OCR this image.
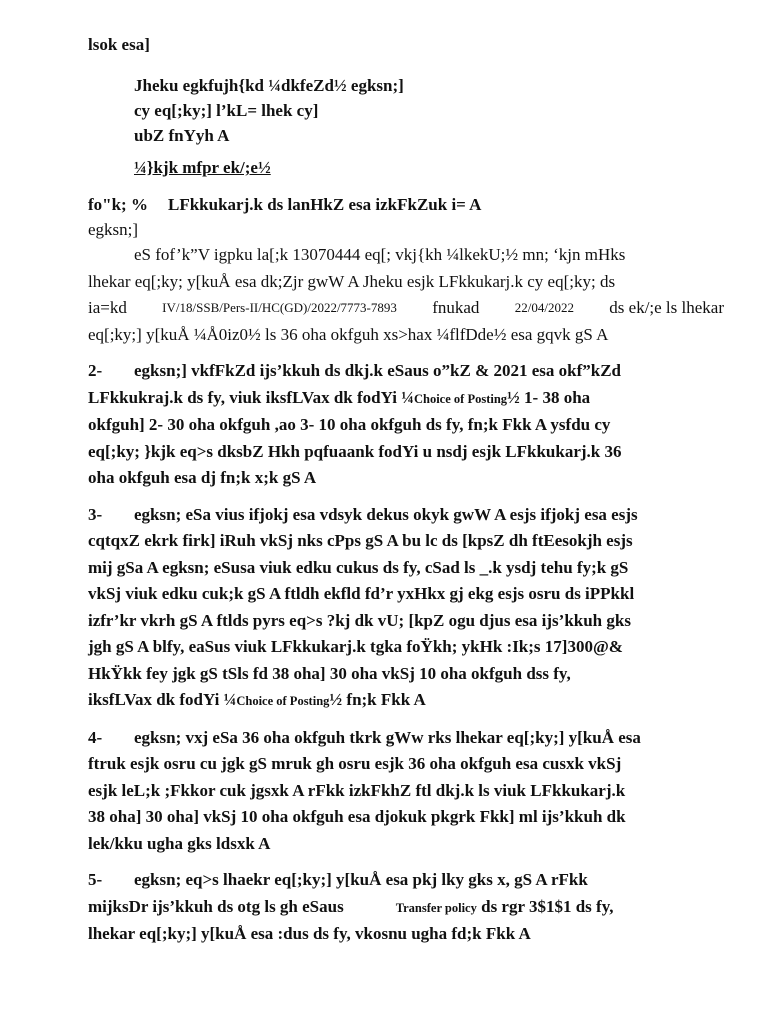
lsok esa]
Jheku egkfujh{kd ¼dkfeZd½ egksn;]
cy eq[;ky;] l’kL= lhek cy]
ubZ fnYyh A
¼}kjk mfpr ek/;e½
fo"k; % LFkkukarj.k ds lanHkZ esa izkFkZuk i= A
egksn;]
eS fof’k”V igpku la[;k 13070444 eq[; vkj{kh ¼lkekU;½ mn; ‘kjn mHks
lhekar eq[;ky; y[kuÅ esa dk;Zjr gwW A Jheku esjk LFkkukarj.k cy eq[;ky; ds
ia=kd	IV/18/SSB/Pers-II/HC(GD)/2022/7773-7893 fnukad	22/04/2022 ds ek/;e ls lhekar
eq[;ky;] y[kuÅ ¼Å0iz0½ ls 36 oha okfguh xs>hax ¼flfDde½ esa gqvk gS A
2- egksn;] vkfFkZd ijs’kkuh ds dkj.k eSaus o”kZ & 2021 esa okf”kZd
LFkkukraj.k ds fy, viuk iksfLVax dk fodYi ¼Choice of Posting½ 1- 38 oha
okfguh] 2- 30 oha okfguh ,ao 3- 10 oha okfguh ds fy, fn;k Fkk A ysfdu cy
eq[;ky; }kjk eq>s dksbZ Hkh pqfuaank fodYi u nsdj esjk LFkkukarj.k 36
oha okfguh esa dj fn;k x;k gS A
3- egksn; eSa vius ifjokj esa vdsyk dekus okyk gwW A esjs ifjokj esa esjs
cqtqxZ ekrk firk] iRuh vkSj nks cPps gS A bu lc ds [kpsZ dh ftEesokjh esjs
mij gSa A egksn; eSusa viuk edku cukus ds fy, cSad ls _.k ysdj tehu fy;k gS
vkSj viuk edku cuk;k gS A ftldh ekfld fd’r yxHkx gj ekg esjs osru ds iPPkkl
izfr’kr vkrh gS A ftlds pyrs eq>s ?kj dk vU; [kpZ ogu djus esa ijs’kkuh gks
jgh gS A blfy, eaSus viuk LFkkukarj.k tgka foŸkh; ykHk :Ik;s 17]300@&
HkŸkk fey jgk gS tSls fd 38 oha] 30 oha vkSj 10 oha okfguh dss fy,
iksfLVax dk fodYi ¼Choice of Posting½ fn;k Fkk A
4- egksn; vxj eSa 36 oha okfguh tkrk gWw rks lhekar eq[;ky;] y[kuÅ esa
ftruk esjk osru cu jgk gS mruk gh osru esjk 36 oha okfguh esa cusxk vkSj
esjk leL;k ;Fkkor cuk jgsxk A rFkk izkFkhZ ftl dkj.k ls viuk LFkkukarj.k
38 oha] 30 oha] vkSj 10 oha okfguh esa djokuk pkgrk Fkk] ml ijs’kkuh dk
lek/kku ugha gks ldsxk A
5- egksn; eq>s lhaekr eq[;ky;] y[kuÅ esa pkj lky gks x, gS A rFkk
mijksDr ijs’kkuh ds otg ls gh eSaus	Transfer policy ds rgr 3$1$1 ds fy,
lhekar eq[;ky;] y[kuÅ esa :dus ds fy, vkosnu ugha fd;k Fkk A
